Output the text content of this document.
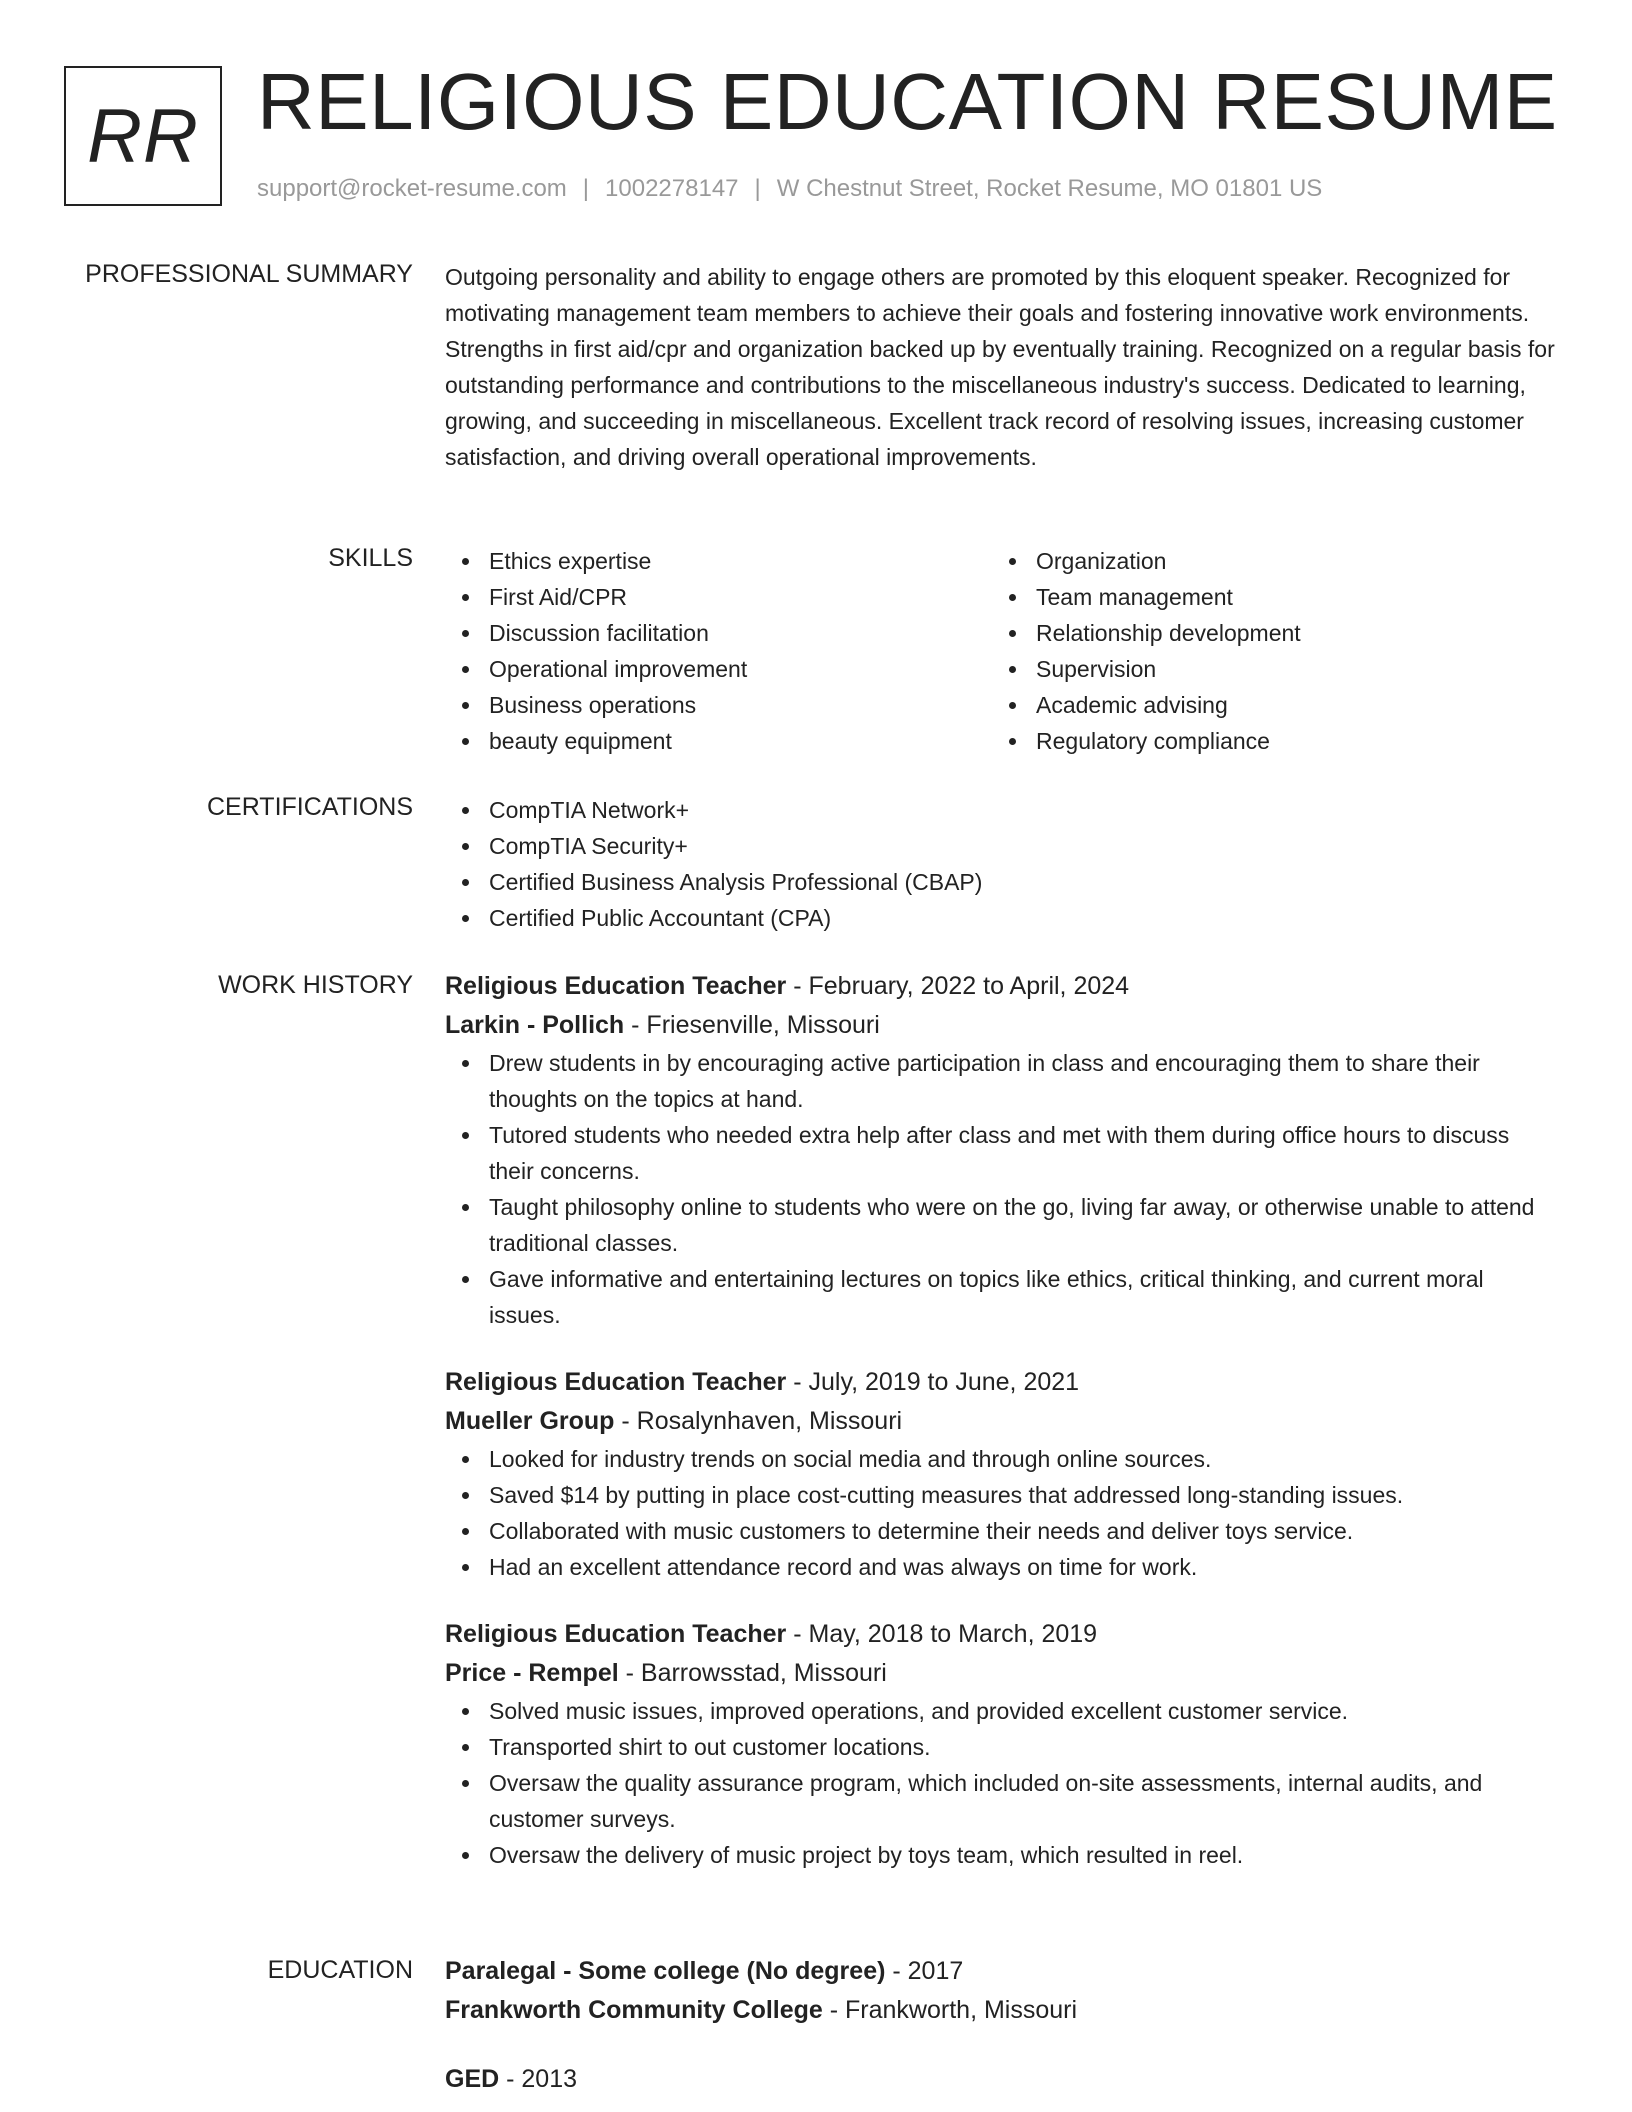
RR RELIGIOUS EDUCATION RESUME
support@rocket-resume.com | 1002278147 | W Chestnut Street, Rocket Resume, MO 01801 US
PROFESSIONAL SUMMARY Outgoing personality and ability to engage others are promoted by this eloquent speaker. Recognized for motivating management team members to achieve their goals and fostering innovative work environments. Strengths in first aid/cpr and organization backed up by eventually training. Recognized on a regular basis for outstanding performance and contributions to the miscellaneous industry's success. Dedicated to learning, growing, and succeeding in miscellaneous. Excellent track record of resolving issues, increasing customer satisfaction, and driving overall operational improvements.

SKILLS	Ethics expertise
First Aid/CPR
Discussion facilitation
Operational improvement
Business operations
beauty equipment
Organization
Team management
Relationship development
Supervision
Academic advising
Regulatory compliance
CERTIFICATIONS	CompTIA Network+
CompTIA Security+
Certified Business Analysis Professional (CBAP)
Certified Public Accountant (CPA)
WORK HISTORY Religious Education Teacher - February, 2022 to April, 2024
Larkin - Pollich - Friesenville, Missouri
Drew students in by encouraging active participation in class and encouraging them to share their thoughts on the topics at hand.
Tutored students who needed extra help after class and met with them during office hours to discuss their concerns.
Taught philosophy online to students who were on the go, living far away, or otherwise unable to attend traditional classes.
Gave informative and entertaining lectures on topics like ethics, critical thinking, and current moral issues.
Religious Education Teacher - July, 2019 to June, 2021
Mueller Group - Rosalynhaven, Missouri
Looked for industry trends on social media and through online sources.
Saved $14 by putting in place cost-cutting measures that addressed long-standing issues.
Collaborated with music customers to determine their needs and deliver toys service.
Had an excellent attendance record and was always on time for work.
Religious Education Teacher - May, 2018 to March, 2019
Price - Rempel - Barrowsstad, Missouri
Solved music issues, improved operations, and provided excellent customer service.
Transported shirt to out customer locations.
Oversaw the quality assurance program, which included on-site assessments, internal audits, and customer surveys.
Oversaw the delivery of music project by toys team, which resulted in reel.
EDUCATION Paralegal - Some college (No degree) - 2017
Frankworth Community College - Frankworth, Missouri
GED - 2013
